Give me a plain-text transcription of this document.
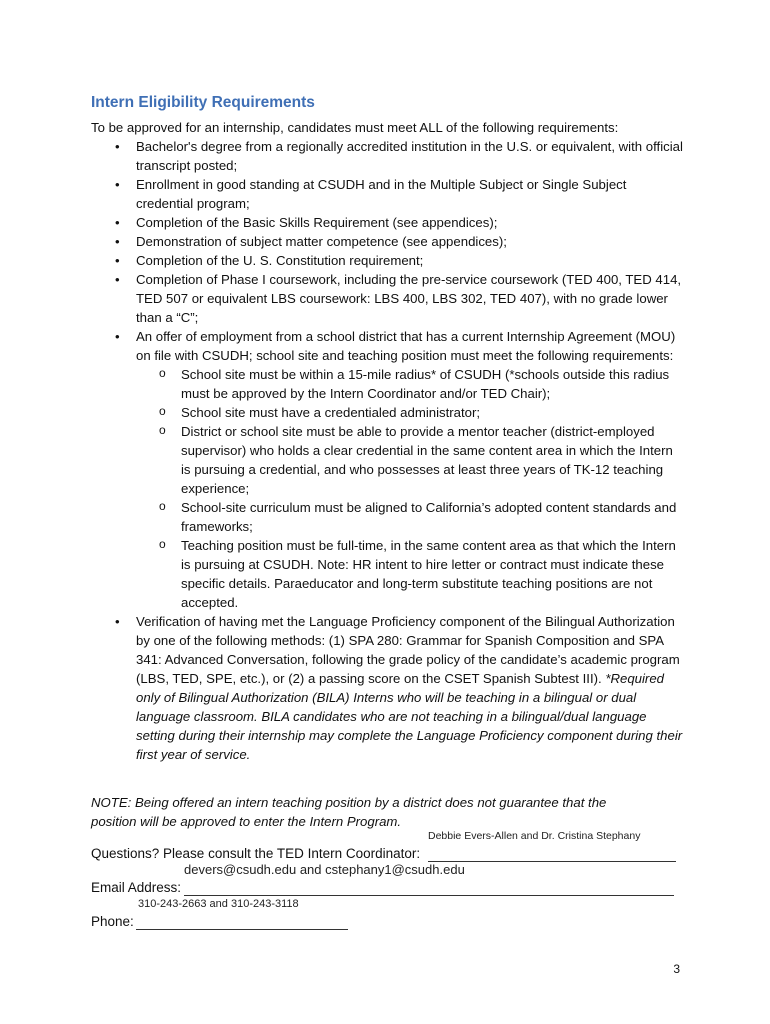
Intern Eligibility Requirements

To be approved for an internship, candidates must meet ALL of the following requirements:

• Bachelor's degree from a regionally accredited institution in the U.S. or equivalent, with official transcript posted;
• Enrollment in good standing at CSUDH and in the Multiple Subject or Single Subject credential program;
• Completion of the Basic Skills Requirement (see appendices);
• Demonstration of subject matter competence (see appendices);
• Completion of the U. S. Constitution requirement;
• Completion of Phase I coursework, including the pre-service coursework (TED 400, TED 414, TED 507 or equivalent LBS coursework: LBS 400, LBS 302, TED 407), with no grade lower than a “C”;
• An offer of employment from a school district that has a current Internship Agreement (MOU) on file with CSUDH; school site and teaching position must meet the following requirements:
o School site must be within a 15-mile radius* of CSUDH (*schools outside this radius must be approved by the Intern Coordinator and/or TED Chair);
o School site must have a credentialed administrator;
o District or school site must be able to provide a mentor teacher (district-employed supervisor) who holds a clear credential in the same content area in which the Intern is pursuing a credential, and who possesses at least three years of TK-12 teaching experience;
o School-site curriculum must be aligned to California’s adopted content standards and frameworks;
o Teaching position must be full-time, in the same content area as that which the Intern is pursuing at CSUDH. Note: HR intent to hire letter or contract must indicate these specific details. Paraeducator and long-term substitute teaching positions are not accepted.
• Verification of having met the Language Proficiency component of the Bilingual Authorization by one of the following methods: (1) SPA 280: Grammar for Spanish Composition and SPA 341: Advanced Conversation, following the grade policy of the candidate’s academic program (LBS, TED, SPE, etc.), or (2) a passing score on the CSET Spanish Subtest III). *Required only of Bilingual Authorization (BILA) Interns who will be teaching in a bilingual or dual language classroom. BILA candidates who are not teaching in a bilingual/dual language setting during their internship may complete the Language Proficiency component during their first year of service.

NOTE: Being offered an intern teaching position by a district does not guarantee that the position will be approved to enter the Intern Program.

Debbie Evers-Allen and Dr. Cristina Stephany
Questions? Please consult the TED Intern Coordinator:
devers@csudh.edu and cstephany1@csudh.edu
Email Address:
310-243-2663 and 310-243-3118
Phone:
3
